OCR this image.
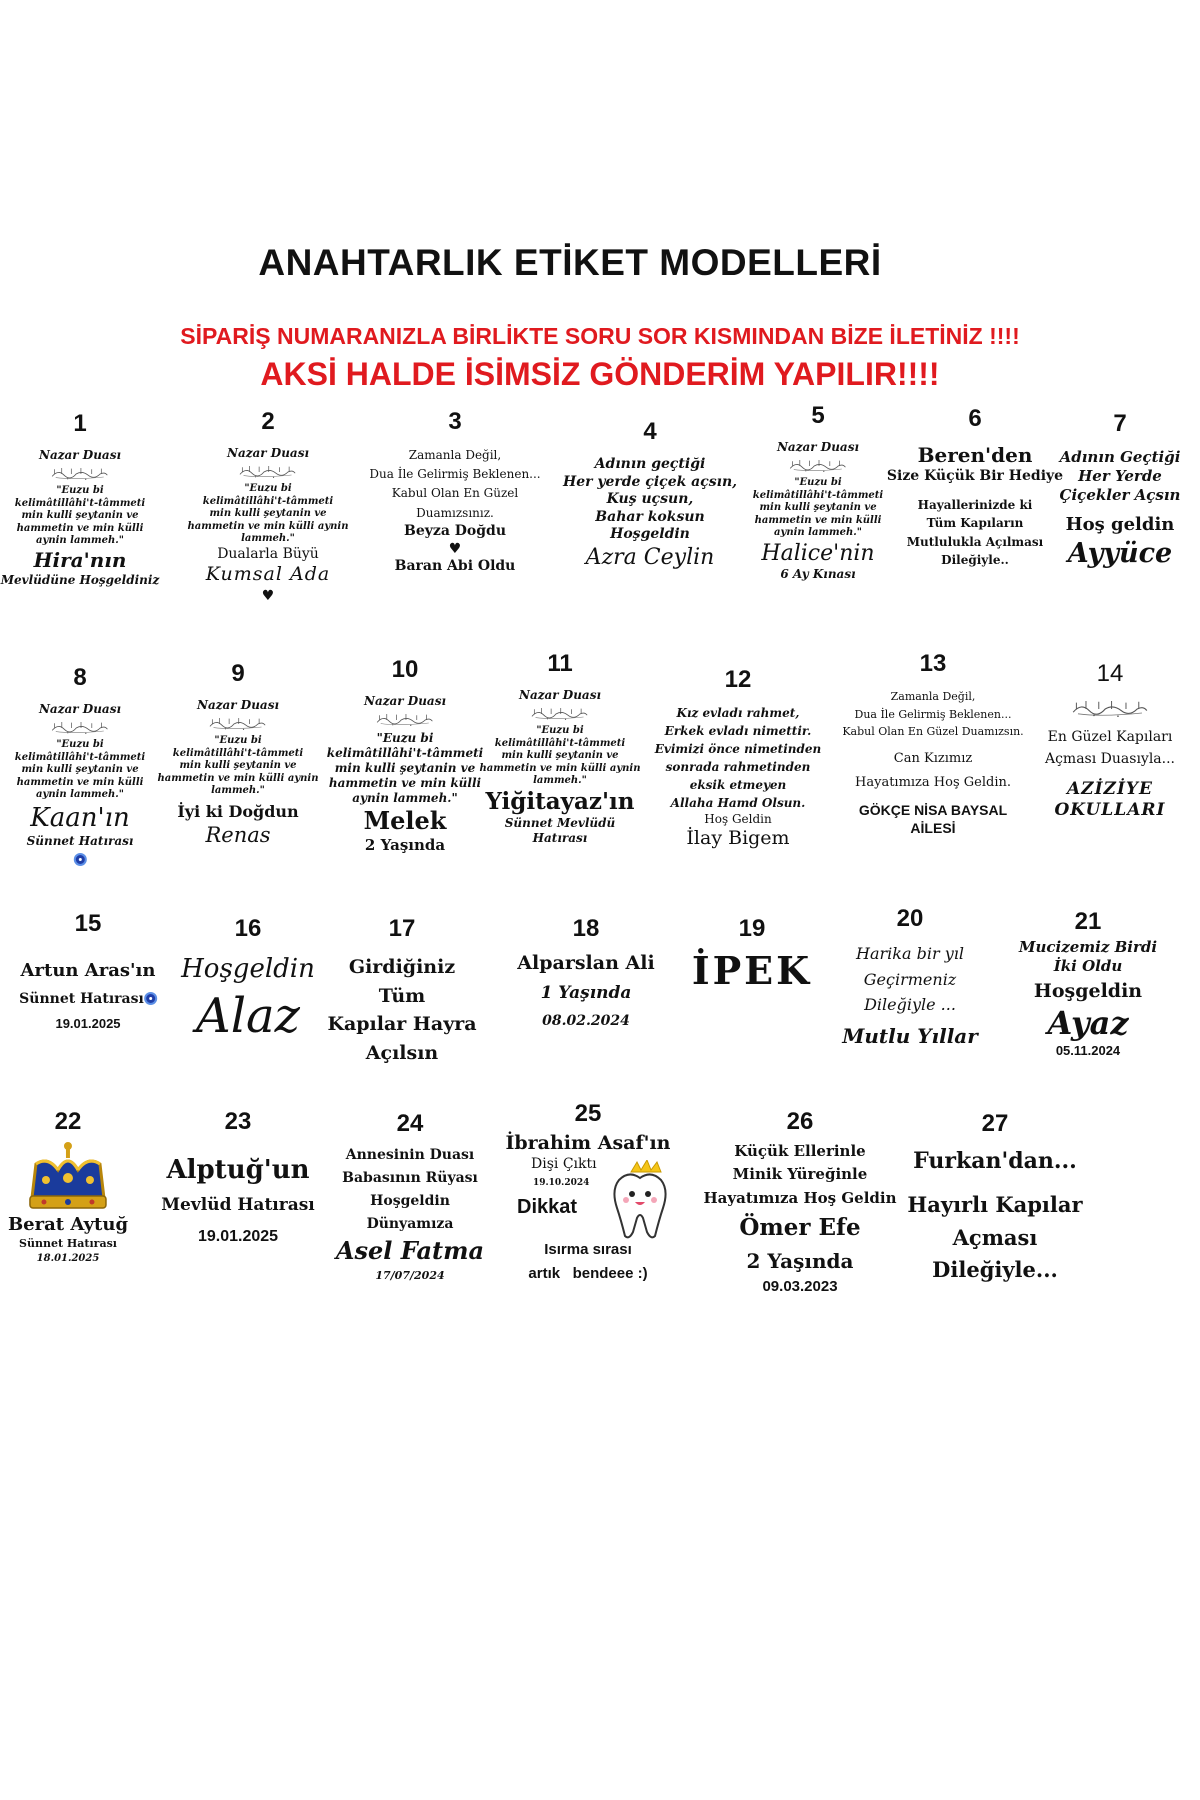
ANAHTARLIK ETİKET MODELLERİ
SİPARİŞ NUMARANIZLA BİRLİKTE SORU SOR KISMINDAN BİZE İLETİNİZ !!!!
AKSİ HALDE İSİMSİZ GÖNDERİM YAPILIR!!!!
1
Nazar Duası
"Euzu bi
kelimâtillâhi't-tâmmeti
min kulli şeytanin ve
hammetin ve min külli
aynin lammeh."
Hira'nın
Mevlüdüne Hoşgeldiniz
2
Nazar Duası
"Euzu bi
kelimâtillâhi't-tâmmeti
min kulli şeytanin ve
hammetin ve min külli aynin
lammeh."
Dualarla Büyü
Kumsal Ada
♥
3
Zamanla Değil,
Dua İle Gelirmiş Beklenen...
Kabul Olan En Güzel
Duamızsınız.
Beyza Doğdu
♥
Baran Abi Oldu
4
Adının geçtiği
Her yerde çiçek açsın,
Kuş uçsun,
Bahar koksun
Hoşgeldin
Azra Ceylin
5
Nazar Duası
"Euzu bi
kelimâtillâhi't-tâmmeti
min kulli şeytanin ve
hammetin ve min külli
aynin lammeh."
Halice'nin
6 Ay Kınası
6
Beren'den
Size Küçük Bir Hediye
Hayallerinizde ki
Tüm Kapıların
Mutlulukla Açılması
Dileğiyle..
7
Adının Geçtiği
Her Yerde
Çiçekler Açsın
Hoş geldin
Ayyüce
8
Nazar Duası
"Euzu bi
kelimâtillâhi't-tâmmeti
min kulli şeytanin ve
hammetin ve min külli
aynin lammeh."
Kaan'ın
Sünnet Hatırası
9
Nazar Duası
"Euzu bi
kelimâtillâhi't-tâmmeti
min kulli şeytanin ve
hammetin ve min külli aynin
lammeh."
İyi ki Doğdun
Renas
10
Nazar Duası
"Euzu bi
kelimâtillâhi't-tâmmeti
min kulli şeytanin ve
hammetin ve min külli
aynin lammeh."
Melek
2 Yaşında
11
Nazar Duası
"Euzu bi
kelimâtillâhi't-tâmmeti
min kulli şeytanin ve
hammetin ve min külli aynin
lammeh."
Yiğitayaz'ın
Sünnet Mevlüdü
Hatırası
12
Kız evladı rahmet,
Erkek evladı nimettir.
Evimizi önce nimetinden
sonrada rahmetinden
eksik etmeyen
Allaha Hamd Olsun.
Hoş Geldin
İlay Bigem
13
Zamanla Değil,
Dua İle Gelirmiş Beklenen...
Kabul Olan En Güzel Duamızsın.
Can Kızımız
Hayatımıza Hoş Geldin.
GÖKÇE NİSA BAYSAL
AİLESİ
14
En Güzel Kapıları
Açması Duasıyla...
AZİZİYE
OKULLARI
15
Artun Aras'ın
Sünnet Hatırası
19.01.2025
16
Hoşgeldin
Alaz
17
Girdiğiniz
Tüm
Kapılar Hayra
Açılsın
18
Alparslan Ali
1 Yaşında
08.02.2024
19
İPEK
20
Harika bir yıl
Geçirmeniz
Dileğiyle ...
Mutlu Yıllar
21
Mucizemiz Birdi
İki Oldu
Hoşgeldin
Ayaz
05.11.2024
22
Berat Aytuğ
Sünnet Hatırası
18.01.2025
23
Alptuğ'un
Mevlüd Hatırası
19.01.2025
24
Annesinin Duası
Babasının Rüyası
Hoşgeldin
Dünyamıza
Asel Fatma
17/07/2024
25
İbrahim Asaf'ın
Dişi Çıktı
19.10.2024
Dikkat
Isırma sırası
artık   bendeee :)
26
Küçük Ellerinle
Minik Yüreğinle
Hayatımıza Hoş Geldin
Ömer Efe
2 Yaşında
09.03.2023
27
Furkan'dan...
Hayırlı Kapılar
Açması
Dileğiyle...
